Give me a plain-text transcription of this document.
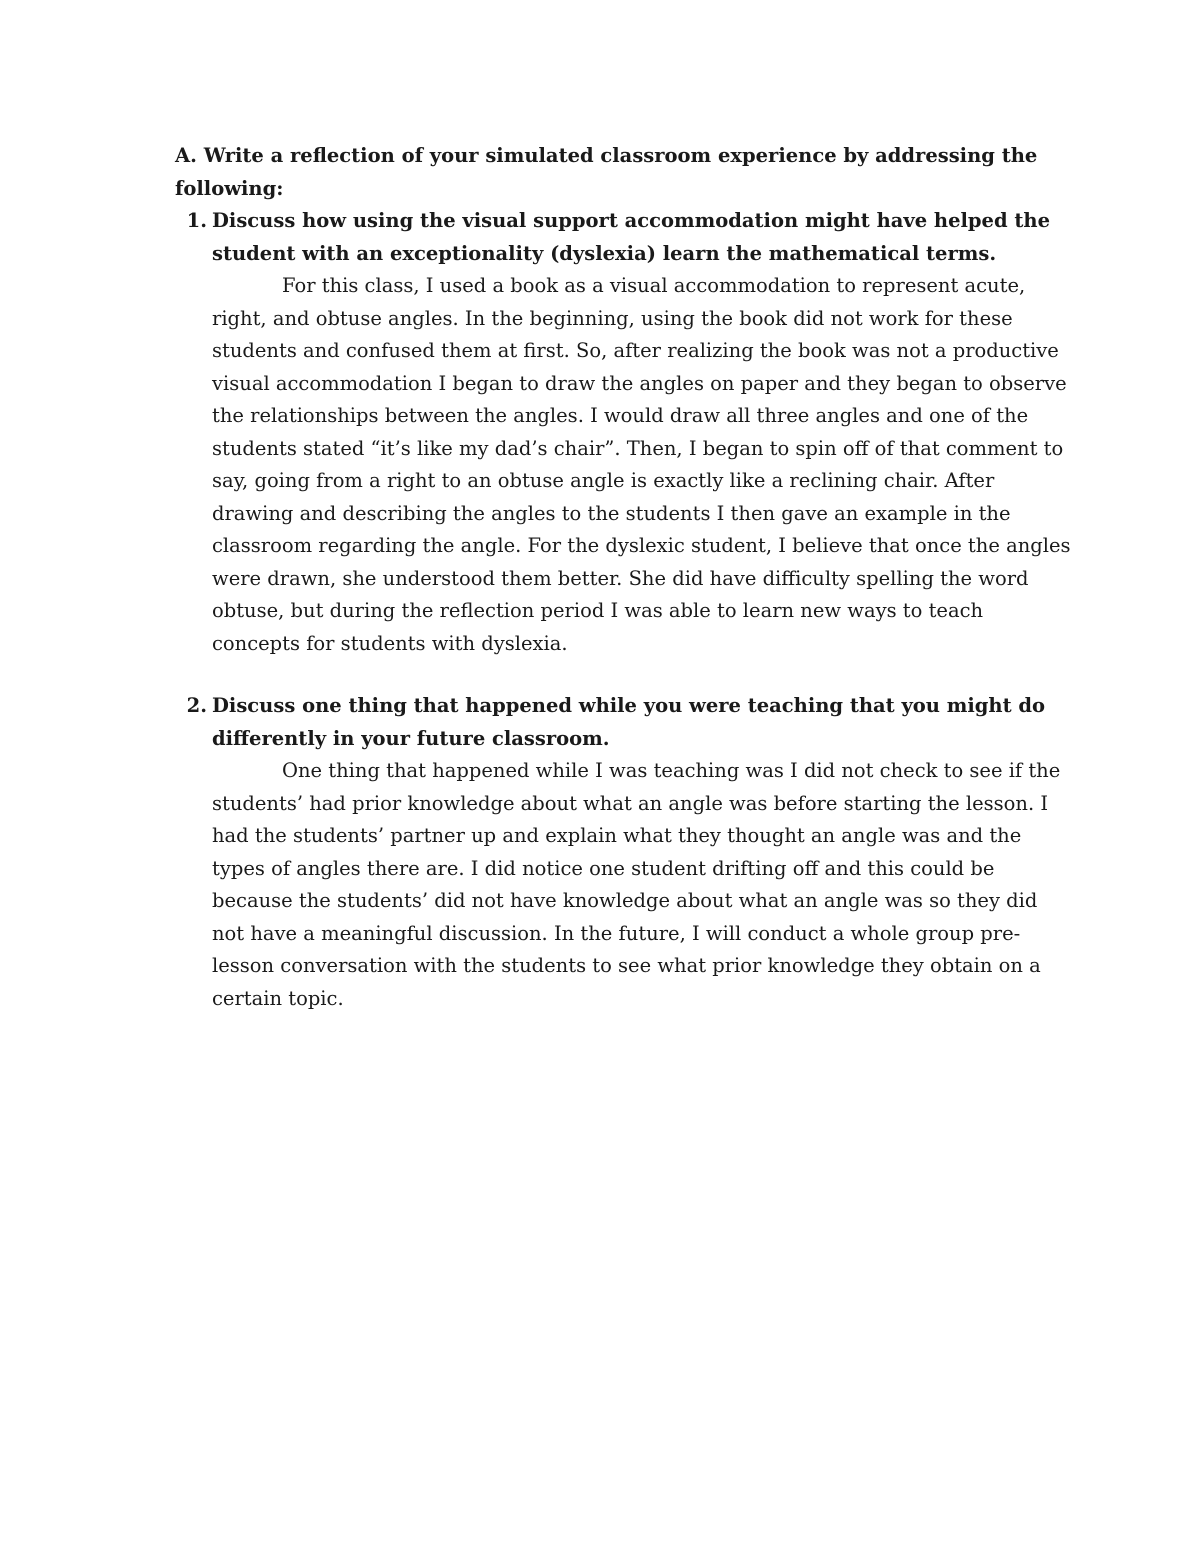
A. Write a reflection of your simulated classroom experience by addressing the following:

1. Discuss how using the visual support accommodation might have helped the student with an exceptionality (dyslexia) learn the mathematical terms.

For this class, I used a book as a visual accommodation to represent acute, right, and obtuse angles. In the beginning, using the book did not work for these students and confused them at first. So, after realizing the book was not a productive visual accommodation I began to draw the angles on paper and they began to observe the relationships between the angles. I would draw all three angles and one of the students stated “it’s like my dad’s chair”. Then, I began to spin off of that comment to say, going from a right to an obtuse angle is exactly like a reclining chair. After drawing and describing the angles to the students I then gave an example in the classroom regarding the angle. For the dyslexic student, I believe that once the angles were drawn, she understood them better. She did have difficulty spelling the word obtuse, but during the reflection period I was able to learn new ways to teach concepts for students with dyslexia.

2. Discuss one thing that happened while you were teaching that you might do differently in your future classroom.

One thing that happened while I was teaching was I did not check to see if the students’ had prior knowledge about what an angle was before starting the lesson. I had the students’ partner up and explain what they thought an angle was and the types of angles there are. I did notice one student drifting off and this could be because the students’ did not have knowledge about what an angle was so they did not have a meaningful discussion. In the future, I will conduct a whole group pre-lesson conversation with the students to see what prior knowledge they obtain on a certain topic.
